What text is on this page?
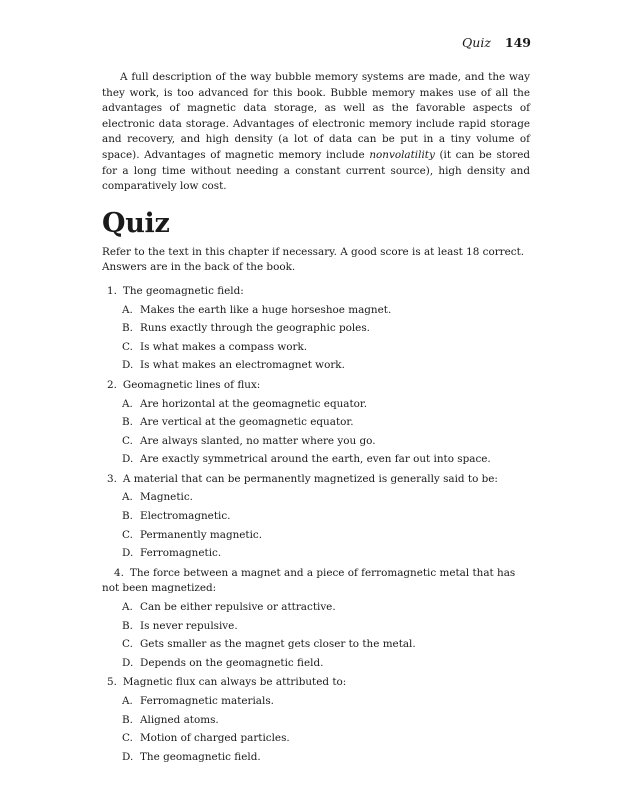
Quiz 149

A full description of the way bubble memory systems are made, and the way they work, is too advanced for this book. Bubble memory makes use of all the advantages of magnetic data storage, as well as the favorable aspects of electronic data storage. Advantages of electronic memory include rapid storage and recovery, and high density (a lot of data can be put in a tiny volume of space). Advantages of magnetic memory include nonvolatility (it can be stored for a long time without needing a constant current source), high density and comparatively low cost.

Quiz

Refer to the text in this chapter if necessary. A good score is at least 18 correct. Answers are in the back of the book.

1. The geomagnetic field:
A. Makes the earth like a huge horseshoe magnet.
B. Runs exactly through the geographic poles.
C. Is what makes a compass work.
D. Is what makes an electromagnet work.
2. Geomagnetic lines of flux:
A. Are horizontal at the geomagnetic equator.
B. Are vertical at the geomagnetic equator.
C. Are always slanted, no matter where you go.
D. Are exactly symmetrical around the earth, even far out into space.
3. A material that can be permanently magnetized is generally said to be:
A. Magnetic.
B. Electromagnetic.
C. Permanently magnetic.
D. Ferromagnetic.
4. The force between a magnet and a piece of ferromagnetic metal that has not been magnetized:
A. Can be either repulsive or attractive.
B. Is never repulsive.
C. Gets smaller as the magnet gets closer to the metal.
D. Depends on the geomagnetic field.
5. Magnetic flux can always be attributed to:
A. Ferromagnetic materials.
B. Aligned atoms.
C. Motion of charged particles.
D. The geomagnetic field.
